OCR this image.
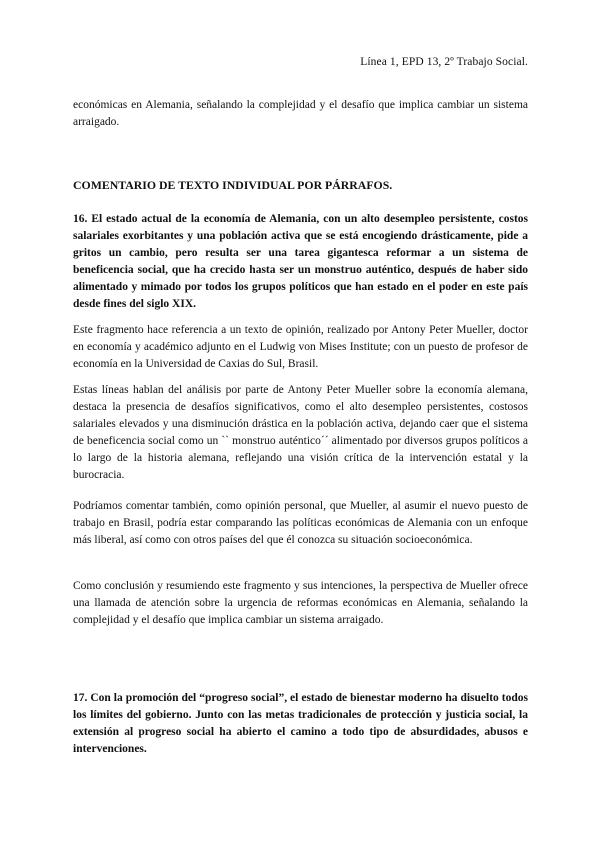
Línea 1, EPD 13, 2º Trabajo Social.

económicas en Alemania, señalando la complejidad y el desafío que implica cambiar un sistema arraigado.

COMENTARIO DE TEXTO INDIVIDUAL POR PÁRRAFOS.

16. El estado actual de la economía de Alemania, con un alto desempleo persistente, costos salariales exorbitantes y una población activa que se está encogiendo drásticamente, pide a gritos un cambio, pero resulta ser una tarea gigantesca reformar a un sistema de beneficencia social, que ha crecido hasta ser un monstruo auténtico, después de haber sido alimentado y mimado por todos los grupos políticos que han estado en el poder en este país desde fines del siglo XIX.

Este fragmento hace referencia a un texto de opinión, realizado por Antony Peter Mueller, doctor en economía y académico adjunto en el Ludwig von Mises Institute; con un puesto de profesor de economía en la Universidad de Caxias do Sul, Brasil.

Estas líneas hablan del análisis por parte de Antony Peter Mueller sobre la economía alemana, destaca la presencia de desafíos significativos, como el alto desempleo persistentes, costosos salariales elevados y una disminución drástica en la población activa, dejando caer que el sistema de beneficencia social como un `` monstruo auténtico´´ alimentado por diversos grupos políticos a lo largo de la historia alemana, reflejando una visión crítica de la intervención estatal y la burocracia.

Podríamos comentar también, como opinión personal, que Mueller, al asumir el nuevo puesto de trabajo en Brasil, podría estar comparando las políticas económicas de Alemania con un enfoque más liberal, así como con otros países del que él conozca su situación socioeconómica.

Como conclusión y resumiendo este fragmento y sus intenciones, la perspectiva de Mueller ofrece una llamada de atención sobre la urgencia de reformas económicas en Alemania, señalando la complejidad y el desafío que implica cambiar un sistema arraigado.

17. Con la promoción del “progreso social”, el estado de bienestar moderno ha disuelto todos los límites del gobierno. Junto con las metas tradicionales de protección y justicia social, la extensión al progreso social ha abierto el camino a todo tipo de absurdidades, abusos e intervenciones.
